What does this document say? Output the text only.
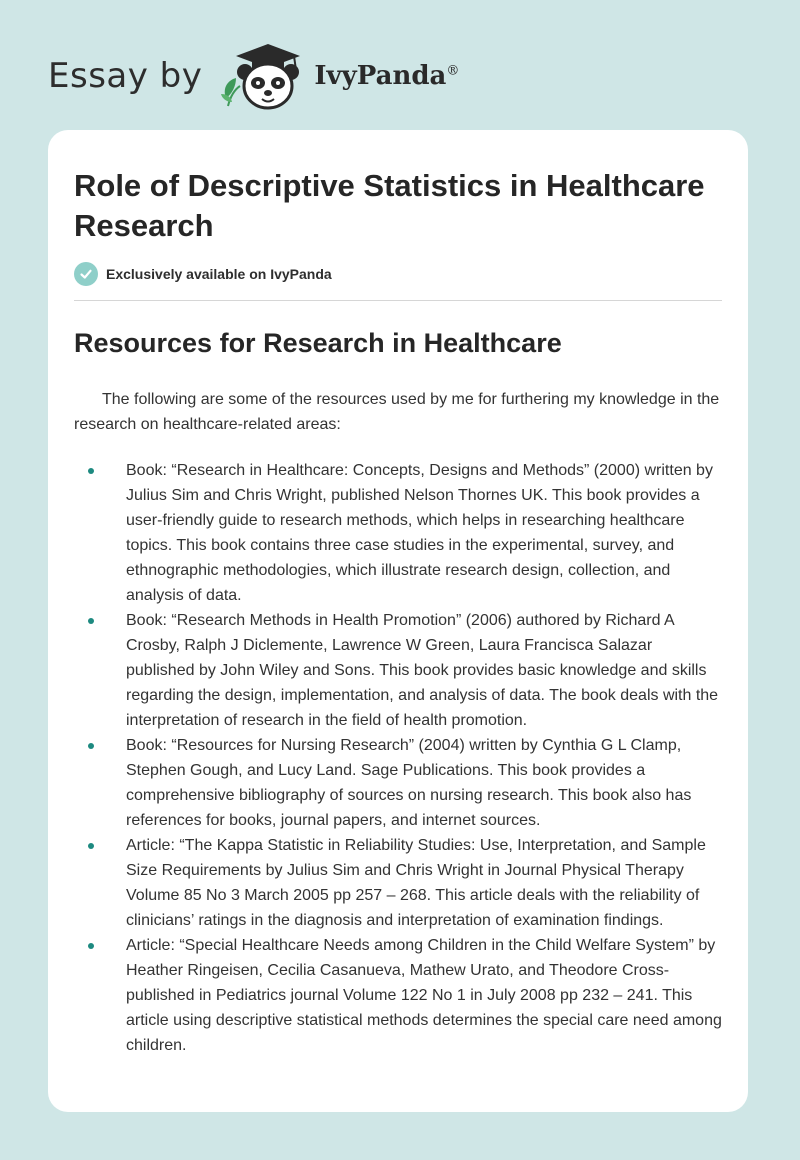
Essay by	IvyPanda®
Role of Descriptive Statistics in Healthcare Research
Exclusively available on IvyPanda
Resources for Research in Healthcare

The following are some of the resources used by me for furthering my knowledge in the research on healthcare-related areas:

Book: “Research in Healthcare: Concepts, Designs and Methods” (2000) written by Julius Sim and Chris Wright, published Nelson Thornes UK. This book provides a user-friendly guide to research methods, which helps in researching healthcare topics. This book contains three case studies in the experimental, survey, and ethnographic methodologies, which illustrate research design, collection, and analysis of data.
Book: “Research Methods in Health Promotion” (2006) authored by Richard A Crosby, Ralph J Diclemente, Lawrence W Green, Laura Francisca Salazar published by John Wiley and Sons. This book provides basic knowledge and skills regarding the design, implementation, and analysis of data. The book deals with the interpretation of research in the field of health promotion.
Book: “Resources for Nursing Research” (2004) written by Cynthia G L Clamp, Stephen Gough, and Lucy Land. Sage Publications. This book provides a comprehensive bibliography of sources on nursing research. This book also has references for books, journal papers, and internet sources.
Article: “The Kappa Statistic in Reliability Studies: Use, Interpretation, and Sample Size Requirements by Julius Sim and Chris Wright in Journal Physical Therapy Volume 85 No 3 March 2005 pp 257 – 268. This article deals with the reliability of clinicians’ ratings in the diagnosis and interpretation of examination findings.
Article: “Special Healthcare Needs among Children in the Child Welfare System” by Heather Ringeisen, Cecilia Casanueva, Mathew Urato, and Theodore Cross-published in Pediatrics journal Volume 122 No 1 in July 2008 pp 232 – 241. This article using descriptive statistical methods determines the special care need among children.
